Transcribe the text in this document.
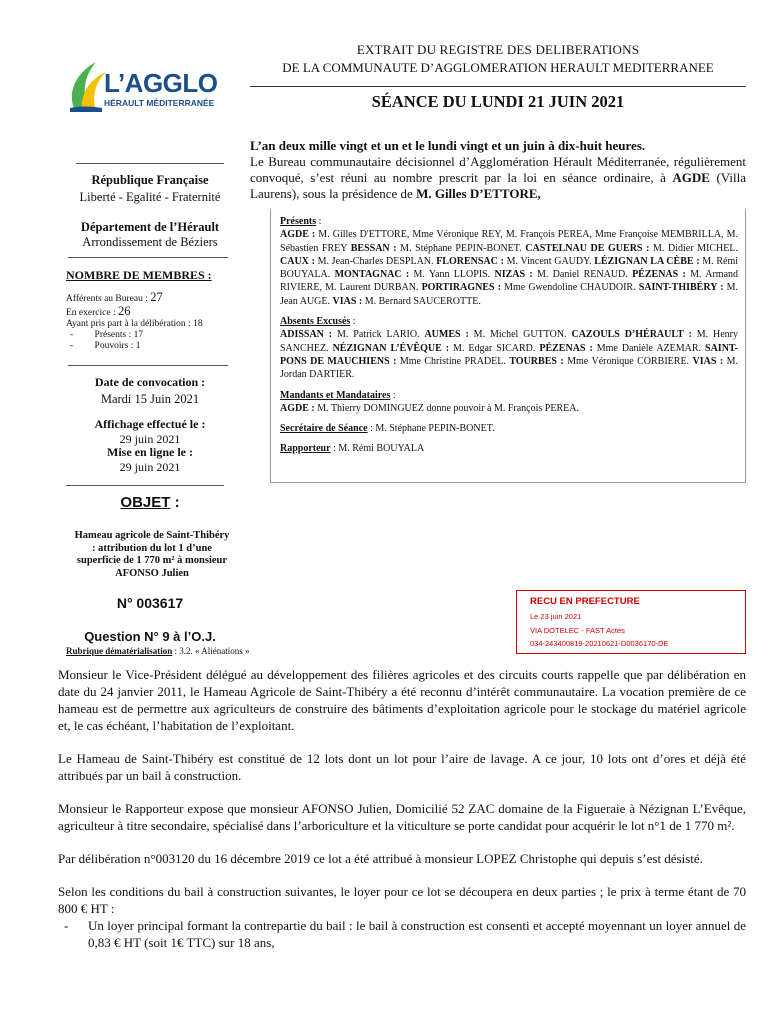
L’AGGLO
HÉRAULT MÉDITERRANÉE
EXTRAIT DU REGISTRE DES DELIBERATIONS
DE LA COMMUNAUTE D’AGGLOMERATION HERAULT MEDITERRANEE
SÉANCE DU LUNDI 21 JUIN 2021
République Française
Liberté - Egalité - Fraternité
Département de l’Hérault
Arrondissement de Béziers
NOMBRE DE MEMBRES :
Afférents au Bureau : 27
En exercice : 26
Ayant pris part à la délibération : 18
-         Présents : 17
-         Pouvoirs : 1
Date de convocation :
Mardi 15 Juin 2021
Affichage effectué le :
29 juin 2021
Mise en ligne le :
29 juin 2021
OBJET :
Hameau agricole de Saint-Thibéry : attribution du lot 1 d’une superficie de 1 770 m² à monsieur AFONSO Julien
N° 003617
Question N° 9 à l’O.J.
Rubrique dématérialisation : 3.2. « Aliénations »
L’an deux mille vingt et un et le lundi vingt et un juin à dix-huit heures.
Le Bureau communautaire décisionnel d’Agglomération Hérault Méditerranée, régulièrement convoqué, s’est réuni au nombre prescrit par la loi en séance ordinaire, à AGDE (Villa Laurens), sous la présidence de M. Gilles D’ETTORE,
Présents :
AGDE : M. Gilles D'ETTORE, Mme Véronique REY, M. François PEREA, Mme Françoise MEMBRILLA, M. Sébastien FREY BESSAN : M. Stéphane PEPIN-BONET. CASTELNAU DE GUERS : M. Didier MICHEL. CAUX : M. Jean-Charles DESPLAN. FLORENSAC : M. Vincent GAUDY. LÉZIGNAN LA CÈBE : M. Rémi BOUYALA. MONTAGNAC : M. Yann LLOPIS. NIZAS : M. Daniel RENAUD. PÉZENAS : M. Armand RIVIERE, M. Laurent DURBAN. PORTIRAGNES : Mme Gwendoline CHAUDOIR. SAINT-THIBÉRY : M. Jean AUGE. VIAS : M. Bernard SAUCEROTTE.
Absents Excusés :
ADISSAN : M. Patrick LARIO. AUMES : M. Michel GUTTON. CAZOULS D’HÉRAULT : M. Henry SANCHEZ. NÉZIGNAN L’ÉVÊQUE : M. Edgar SICARD. PÉZENAS : Mme Danièle AZEMAR. SAINT-PONS DE MAUCHIENS : Mme Christine PRADEL. TOURBES : Mme Véronique CORBIERE. VIAS : M. Jordan DARTIER.
Mandants et Mandataires :
AGDE : M. Thierry DOMINGUEZ donne pouvoir à M. François PEREA.
Secrétaire de Séance : M. Stéphane PEPIN-BONET.
Rapporteur : M. Rémi BOUYALA
RECU EN PREFECTURE
Le 23 juin 2021
VIA DOTELEC - FAST Actes
034-243400819-20210621-D0036170-DE

Monsieur le Vice-Président délégué au développement des filières agricoles et des circuits courts rappelle que par délibération en date du 24 janvier 2011, le Hameau Agricole de Saint-Thibéry a été reconnu d’intérêt communautaire. La vocation première de ce hameau est de permettre aux agriculteurs de construire des bâtiments d’exploitation agricole pour le stockage du matériel agricole et, le cas échéant, l’habitation de l’exploitant.

Le Hameau de Saint-Thibéry est constitué de 12 lots dont un lot pour l’aire de lavage. A ce jour, 10 lots ont d’ores et déjà été attribués par un bail à construction.

Monsieur le Rapporteur expose que monsieur AFONSO Julien, Domicilié 52 ZAC domaine de la Figueraie à Nézignan L’Evêque, agriculteur à titre secondaire, spécialisé dans l’arboriculture et la viticulture se porte candidat pour acquérir le lot n°1 de 1 770 m².

Par délibération n°003120 du 16 décembre 2019 ce lot a été attribué à monsieur LOPEZ Christophe qui depuis s’est désisté.

Selon les conditions du bail à construction suivantes, le loyer pour ce lot se découpera en deux parties ; le prix à terme étant de 70 800 € HT :

-	Un loyer principal formant la contrepartie du bail : le bail à construction est consenti et accepté moyennant un loyer annuel de 0,83 € HT (soit 1€ TTC) sur 18 ans,
